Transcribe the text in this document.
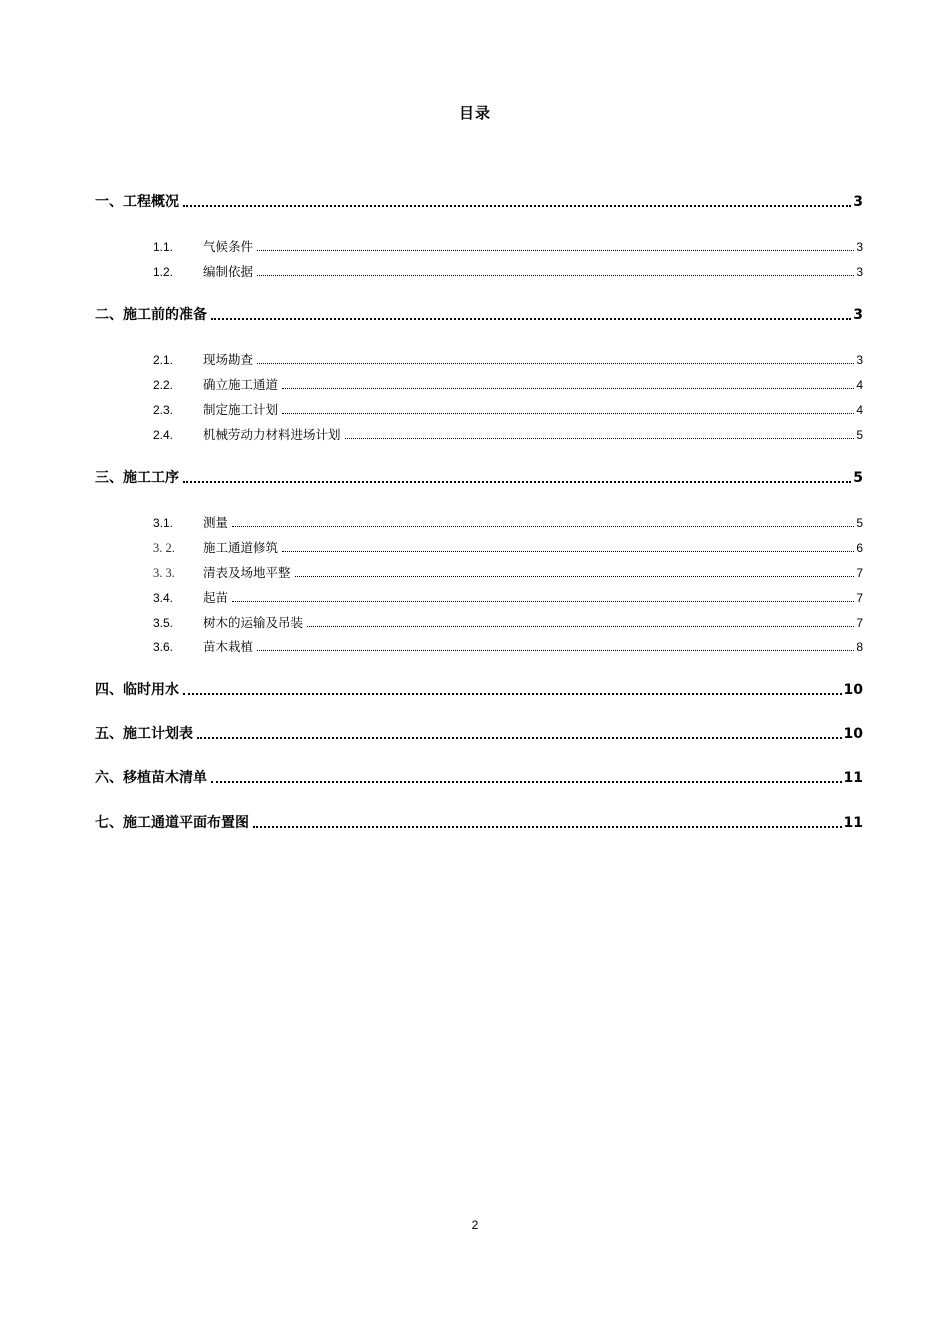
目录
一、工程概况	3
1.1.	气候条件	3
1.2.	编制依据	3
二、施工前的准备	3
2.1.	现场勘查	3
2.2.	确立施工通道	4
2.3.	制定施工计划	4
2.4.	机械劳动力材料进场计划	5
三、施工工序	5
3.1.	测量	5
3. 2.	施工通道修筑	6
3. 3.	清表及场地平整	7
3.4.	起苗	7
3.5.	树木的运输及吊装	7
3.6.	苗木栽植	8
四、临时用水	10
五、施工计划表	10
六、移植苗木清单	11
七、施工通道平面布置图	11
2
